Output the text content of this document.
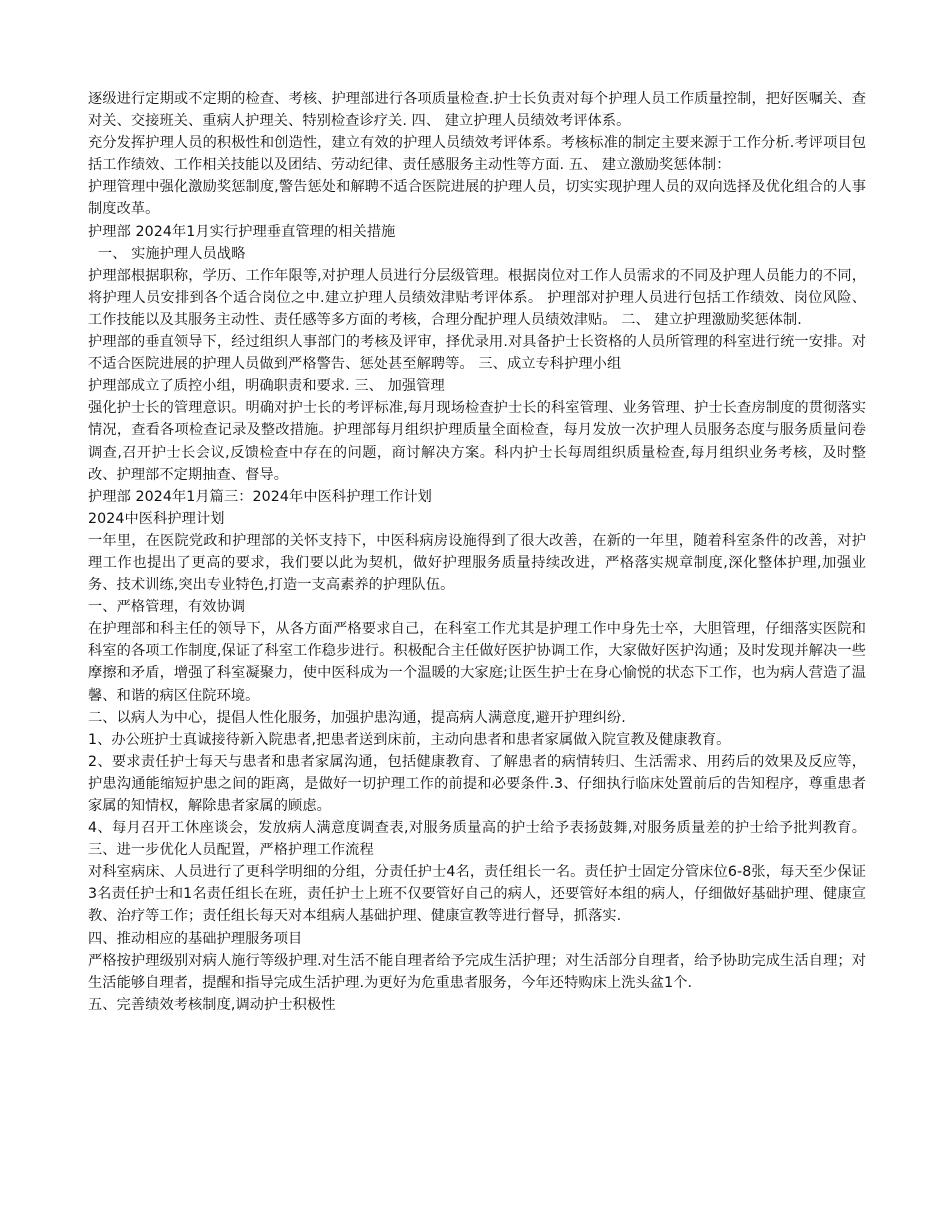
逐级进行定期或不定期的检查、考核、护理部进行各项质量检查.护士长负责对每个护理人员工作质量控制，把好医嘱关、查对关、交接班关、重病人护理关、特别检查诊疗关. 四、 建立护理人员绩效考评体系。

充分发挥护理人员的积极性和创造性，建立有效的护理人员绩效考评体系。考核标准的制定主要来源于工作分析.考评项目包括工作绩效、工作相关技能以及团结、劳动纪律、责任感服务主动性等方面. 五、 建立激励奖惩体制：

护理管理中强化激励奖惩制度,警告惩处和解聘不适合医院进展的护理人员，切实实现护理人员的双向选择及优化组合的人事制度改革。

护理部 2024年1月实行护理垂直管理的相关措施

一、 实施护理人员战略

护理部根据职称，学历、工作年限等,对护理人员进行分层级管理。根据岗位对工作人员需求的不同及护理人员能力的不同，将护理人员安排到各个适合岗位之中.建立护理人员绩效津贴考评体系。 护理部对护理人员进行包括工作绩效、岗位风险、工作技能以及其服务主动性、责任感等多方面的考核，合理分配护理人员绩效津贴。 二、 建立护理激励奖惩体制.

护理部的垂直领导下，经过组织人事部门的考核及评审，择优录用.对具备护士长资格的人员所管理的科室进行统一安排。对不适合医院进展的护理人员做到严格警告、惩处甚至解聘等。 三、成立专科护理小组

护理部成立了质控小组，明确职责和要求. 三、 加强管理

强化护士长的管理意识。明确对护士长的考评标准,每月现场检查护士长的科室管理、业务管理、护士长查房制度的贯彻落实情况，查看各项检查记录及整改措施。护理部每月组织护理质量全面检查，每月发放一次护理人员服务态度与服务质量问卷调查,召开护士长会议,反馈检查中存在的问题，商讨解决方案。科内护士长每周组织质量检查,每月组织业务考核，及时整改、护理部不定期抽查、督导。

护理部 2024年1月篇三：2024年中医科护理工作计划

2024中医科护理计划

一年里，在医院党政和护理部的关怀支持下，中医科病房设施得到了很大改善，在新的一年里，随着科室条件的改善，对护理工作也提出了更高的要求，我们要以此为契机，做好护理服务质量持续改进，严格落实规章制度,深化整体护理,加强业务、技术训练,突出专业特色,打造一支高素养的护理队伍。

一、严格管理，有效协调

在护理部和科主任的领导下，从各方面严格要求自己，在科室工作尤其是护理工作中身先士卒，大胆管理，仔细落实医院和科室的各项工作制度,保证了科室工作稳步进行。积极配合主任做好医护协调工作，大家做好医护沟通；及时发现并解决一些摩擦和矛盾，增强了科室凝聚力，使中医科成为一个温暖的大家庭;让医生护士在身心愉悦的状态下工作，也为病人营造了温馨、和谐的病区住院环境。

二、以病人为中心，提倡人性化服务，加强护患沟通，提高病人满意度,避开护理纠纷.

1、办公班护士真诚接待新入院患者,把患者送到床前，主动向患者和患者家属做入院宣教及健康教育。

2、要求责任护士每天与患者和患者家属沟通，包括健康教育、了解患者的病情转归、生活需求、用药后的效果及反应等，护患沟通能缩短护患之间的距离，是做好一切护理工作的前提和必要条件.3、仔细执行临床处置前后的告知程序，尊重患者家属的知情权，解除患者家属的顾虑。

4、每月召开工休座谈会，发放病人满意度调查表,对服务质量高的护士给予表扬鼓舞,对服务质量差的护士给予批判教育。 三、进一步优化人员配置，严格护理工作流程

对科室病床、人员进行了更科学明细的分组，分责任护士4名，责任组长一名。责任护士固定分管床位6-8张，每天至少保证3名责任护士和1名责任组长在班，责任护士上班不仅要管好自己的病人，还要管好本组的病人，仔细做好基础护理、健康宣教、治疗等工作；责任组长每天对本组病人基础护理、健康宣教等进行督导，抓落实.

四、推动相应的基础护理服务项目

严格按护理级别对病人施行等级护理.对生活不能自理者给予完成生活护理；对生活部分自理者，给予协助完成生活自理；对生活能够自理者，提醒和指导完成生活护理.为更好为危重患者服务，今年还特购床上洗头盆1个.

五、完善绩效考核制度,调动护士积极性
